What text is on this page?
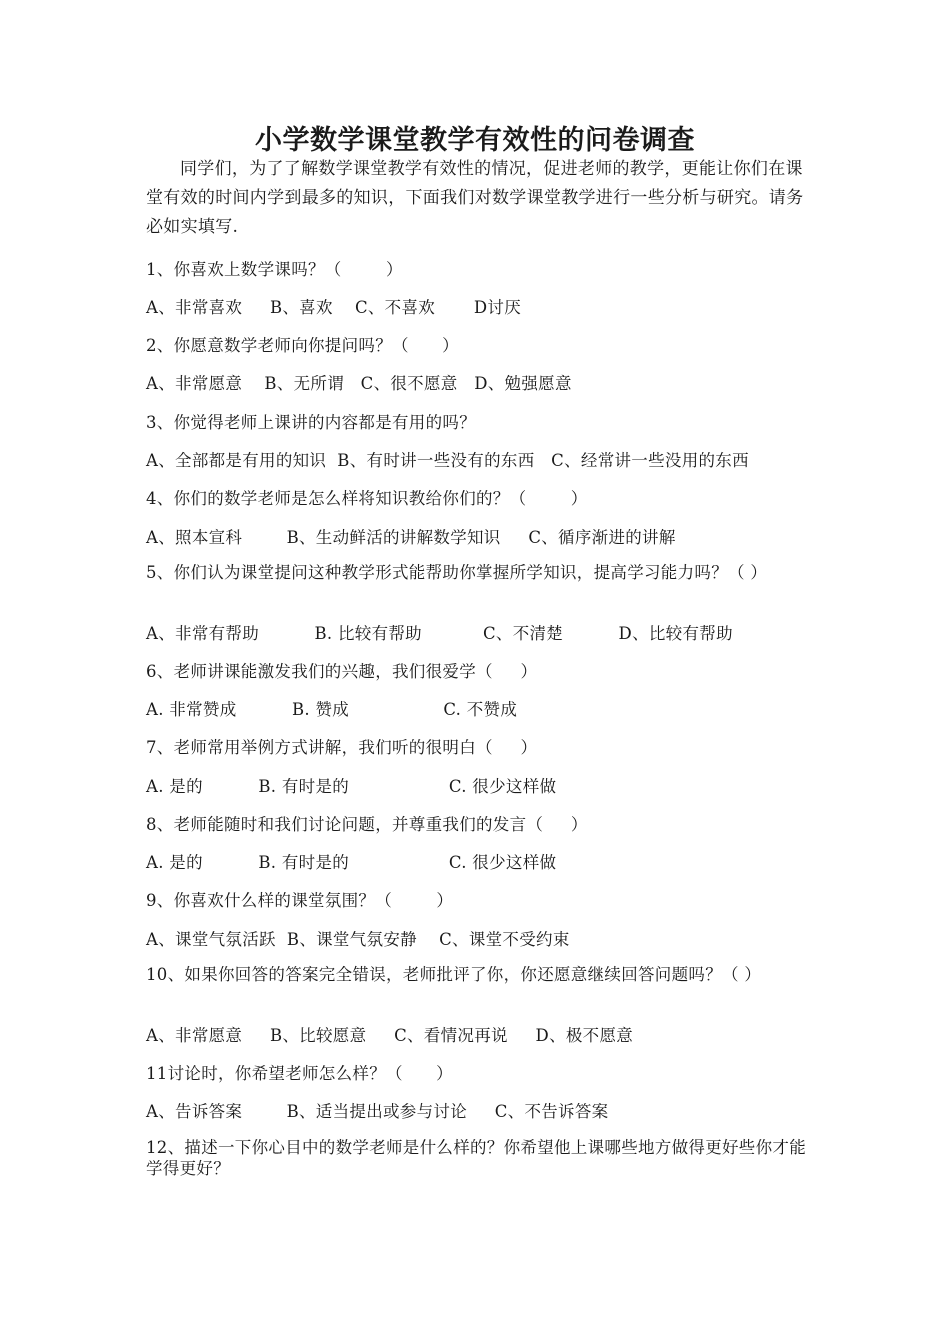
小学数学课堂教学有效性的问卷调查
同学们，为了了解数学课堂教学有效性的情况，促进老师的教学，更能让你们在课堂有效的时间内学到最多的知识，下面我们对数学课堂教学进行一些分析与研究。请务必如实填写.
1、你喜欢上数学课吗？（        ）
A、非常喜欢     B、喜欢    C、不喜欢       D讨厌
2、你愿意数学老师向你提问吗？（      ）
A、非常愿意    B、无所谓   C、很不愿意   D、勉强愿意
3、你觉得老师上课讲的内容都是有用的吗？
A、全部都是有用的知识  B、有时讲一些没有的东西   C、经常讲一些没用的东西
4、你们的数学老师是怎么样将知识教给你们的？（        ）
A、照本宣科        B、生动鲜活的讲解数学知识     C、循序渐进的讲解
5、你们认为课堂提问这种教学形式能帮助你掌握所学知识，提高学习能力吗？（ ）
A、非常有帮助          B. 比较有帮助           C、不清楚          D、比较有帮助
6、老师讲课能激发我们的兴趣，我们很爱学（     ）
A. 非常赞成          B. 赞成                 C. 不赞成
7、老师常用举例方式讲解，我们听的很明白（     ）
A. 是的          B. 有时是的                  C. 很少这样做
8、老师能随时和我们讨论问题，并尊重我们的发言（     ）
A. 是的          B. 有时是的                  C. 很少这样做
9、你喜欢什么样的课堂氛围？（        ）
A、课堂气氛活跃  B、课堂气氛安静    C、课堂不受约束
10、如果你回答的答案完全错误，老师批评了你，你还愿意继续回答问题吗？（ ）
A、非常愿意     B、比较愿意     C、看情况再说     D、极不愿意
11讨论时，你希望老师怎么样？（      ）
A、告诉答案        B、适当提出或参与讨论     C、不告诉答案
12、描述一下你心目中的数学老师是什么样的？你希望他上课哪些地方做得更好些你才能学得更好？
